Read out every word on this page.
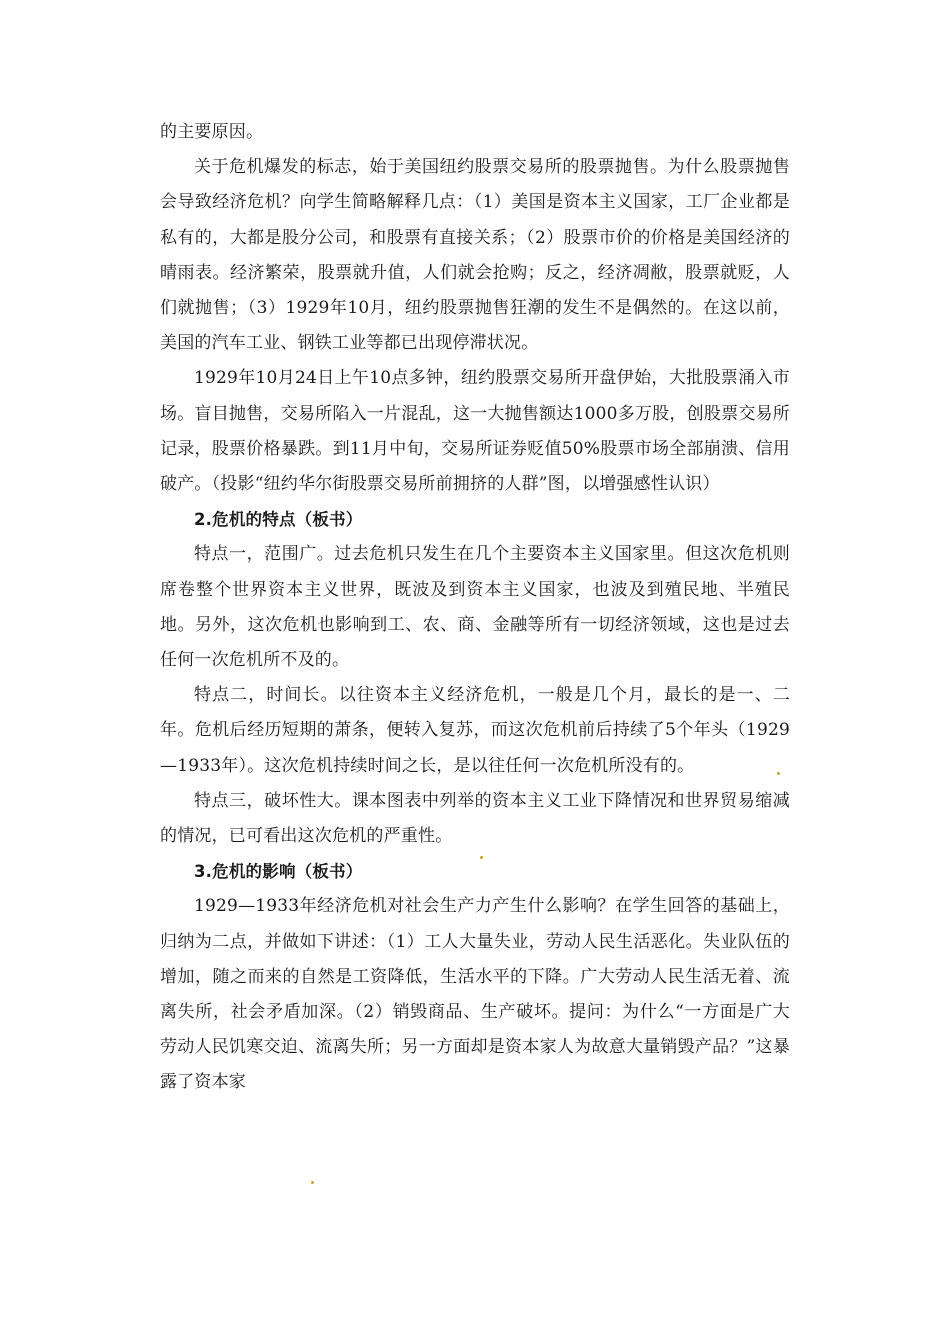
的主要原因。

关于危机爆发的标志，始于美国纽约股票交易所的股票抛售。为什么股票抛售会导致经济危机？向学生简略解释几点：（1）美国是资本主义国家，工厂企业都是私有的，大都是股分公司，和股票有直接关系；（2）股票市价的价格是美国经济的晴雨表。经济繁荣，股票就升值，人们就会抢购；反之，经济凋敝，股票就贬，人们就抛售；（3）1929年10月，纽约股票抛售狂潮的发生不是偶然的。在这以前，美国的汽车工业、钢铁工业等都已出现停滞状况。

1929年10月24日上午10点多钟，纽约股票交易所开盘伊始，大批股票涌入市场。盲目抛售，交易所陷入一片混乱，这一大抛售额达1000多万股，创股票交易所记录，股票价格暴跌。到11月中旬，交易所证券贬值50%股票市场全部崩溃、信用破产。（投影“纽约华尔街股票交易所前拥挤的人群”图，以增强感性认识）

2.危机的特点（板书）

特点一，范围广。过去危机只发生在几个主要资本主义国家里。但这次危机则席卷整个世界资本主义世界，既波及到资本主义国家，也波及到殖民地、半殖民地。另外，这次危机也影响到工、农、商、金融等所有一切经济领域，这也是过去任何一次危机所不及的。

特点二，时间长。以往资本主义经济危机，一般是几个月，最长的是一、二年。危机后经历短期的萧条，便转入复苏，而这次危机前后持续了5个年头（1929—1933年）。这次危机持续时间之长，是以往任何一次危机所没有的。

特点三，破坏性大。课本图表中列举的资本主义工业下降情况和世界贸易缩减的情况，已可看出这次危机的严重性。

3.危机的影响（板书）

1929—1933年经济危机对社会生产力产生什么影响？在学生回答的基础上，归纳为二点，并做如下讲述：（1）工人大量失业，劳动人民生活恶化。失业队伍的增加，随之而来的自然是工资降低，生活水平的下降。广大劳动人民生活无着、流离失所，社会矛盾加深。（2）销毁商品、生产破坏。提问：为什么“一方面是广大劳动人民饥寒交迫、流离失所；另一方面却是资本家人为故意大量销毁产品？”这暴露了资本家
